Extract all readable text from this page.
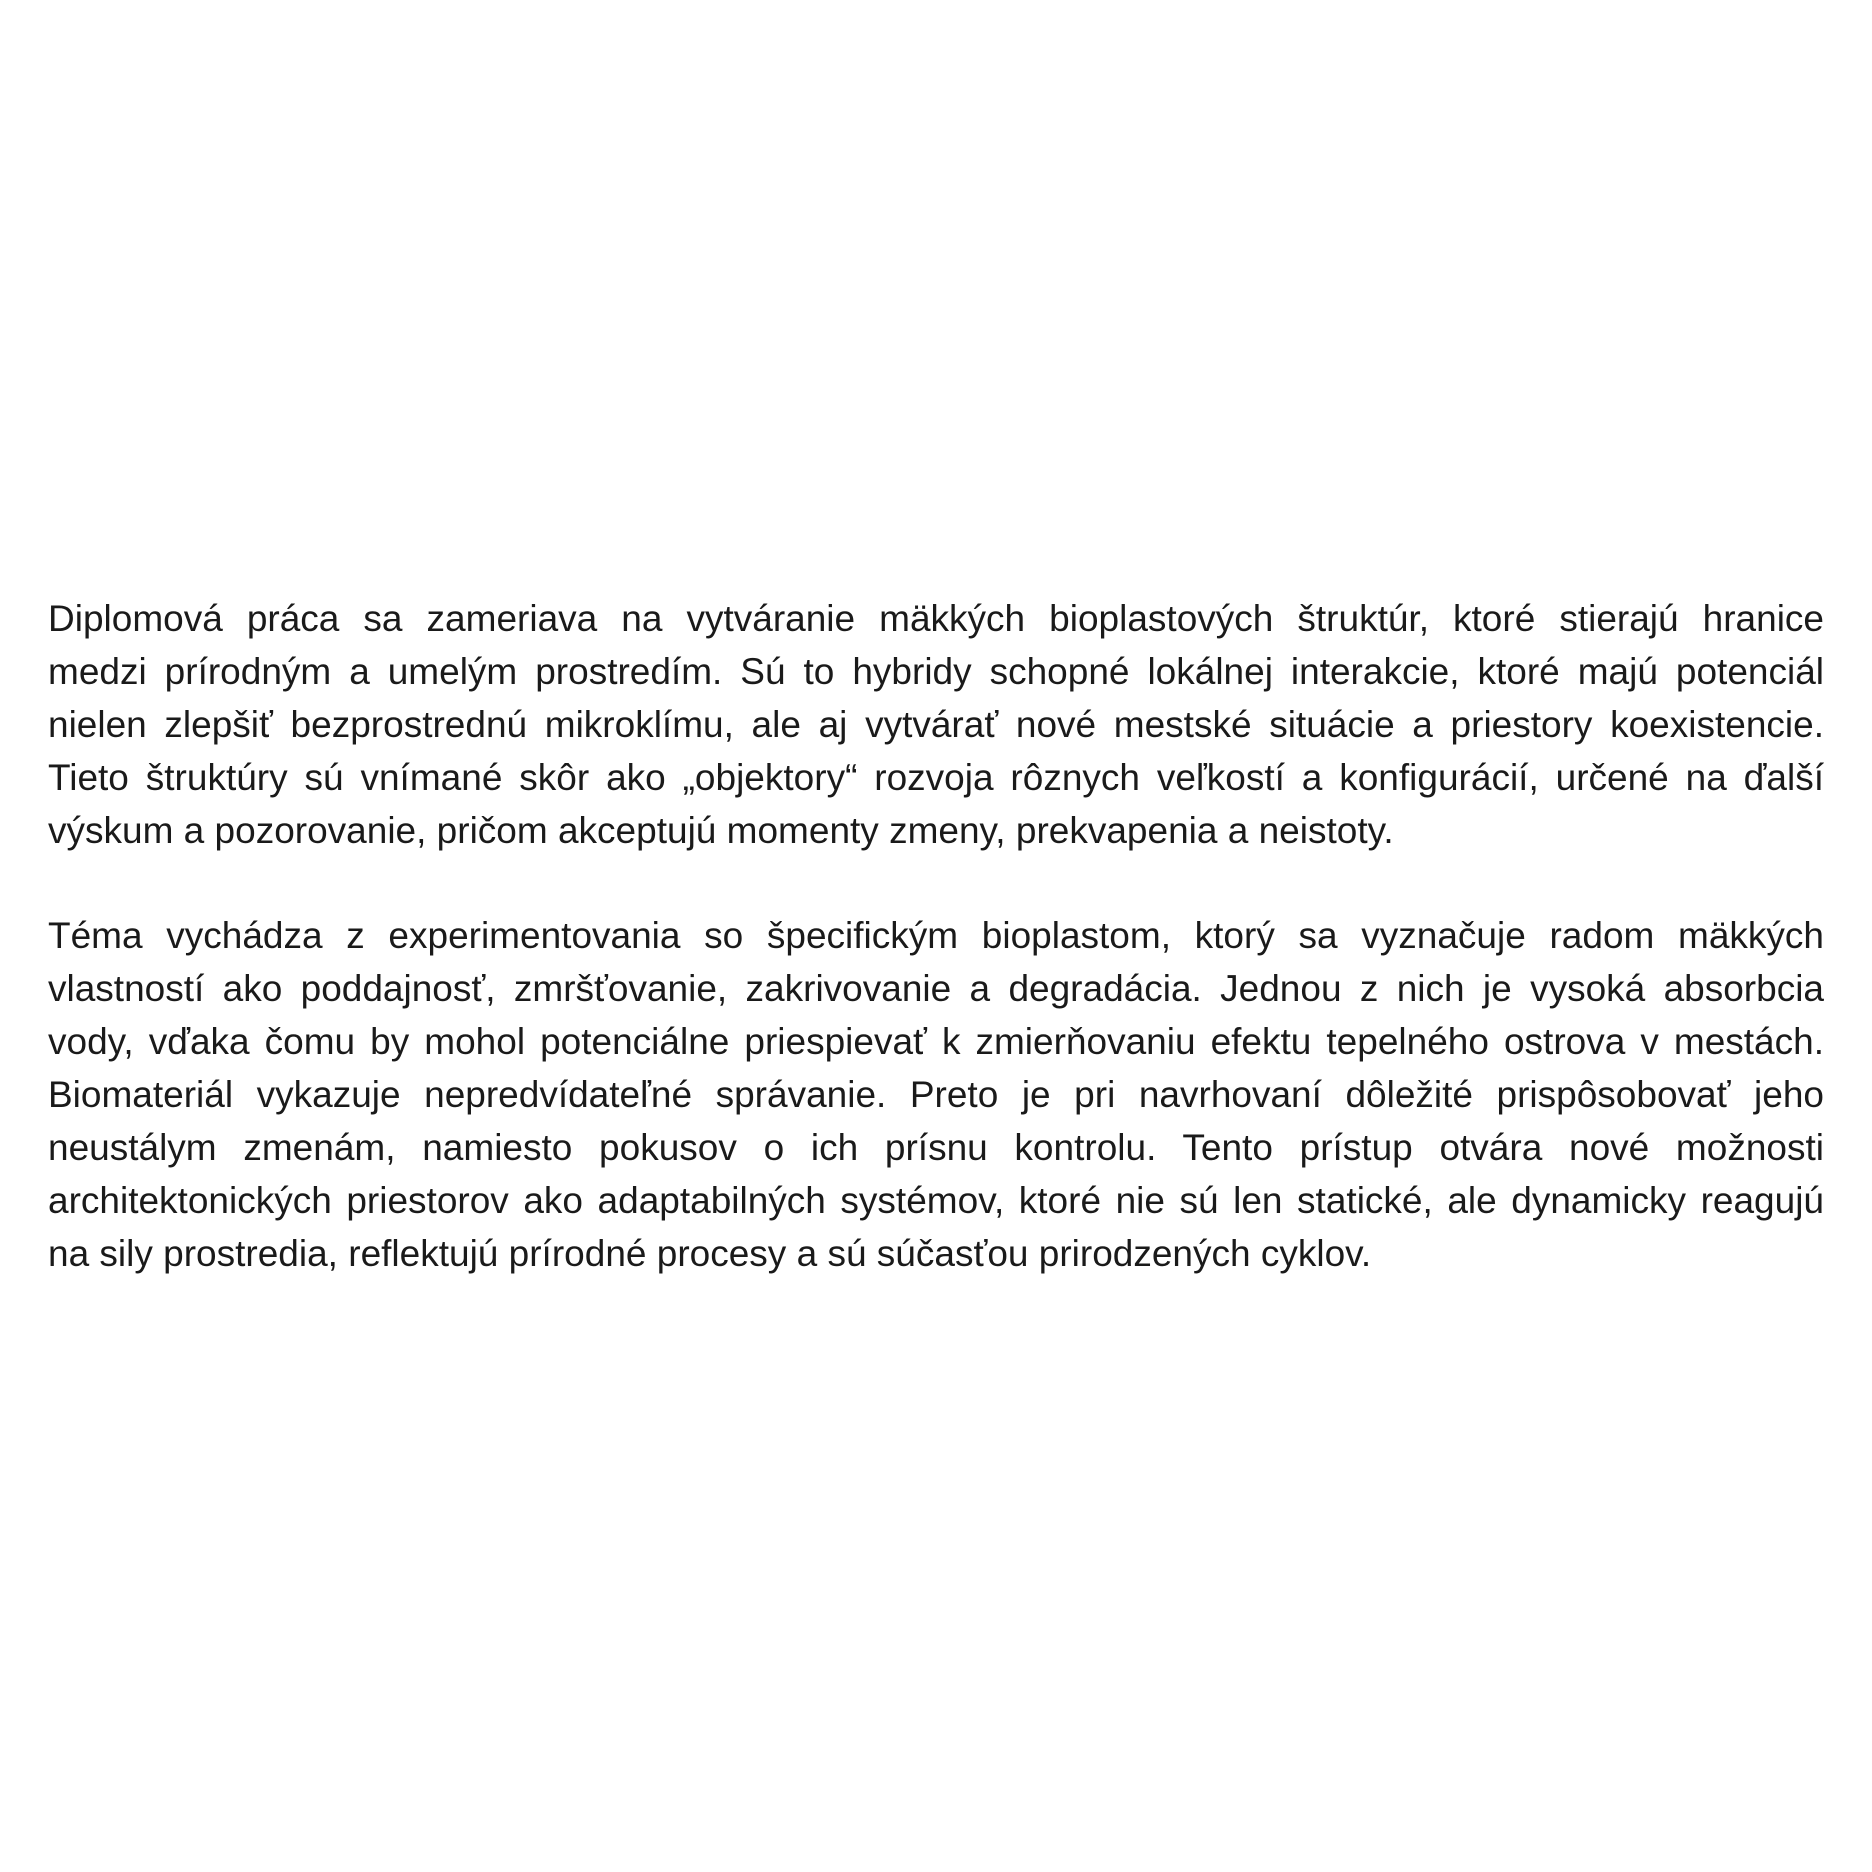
Diplomová práca sa zameriava na vytváranie mäkkých bioplastových štruktúr, ktoré stierajú hranice
medzi prírodným a umelým prostredím. Sú to hybridy schopné lokálnej interakcie, ktoré majú potenciál
nielen zlepšiť bezprostrednú mikroklímu, ale aj vytvárať nové mestské situácie a priestory koexistencie.
Tieto štruktúry sú vnímané skôr ako „objektory“ rozvoja rôznych veľkostí a konfigurácií, určené na ďalší
výskum a pozorovanie, pričom akceptujú momenty zmeny, prekvapenia a neistoty.
Téma vychádza z experimentovania so špecifickým bioplastom, ktorý sa vyznačuje radom mäkkých
vlastností ako poddajnosť, zmršťovanie, zakrivovanie a degradácia. Jednou z nich je vysoká absorbcia
vody, vďaka čomu by mohol potenciálne priespievať k zmierňovaniu efektu tepelného ostrova v mestách.
Biomateriál vykazuje nepredvídateľné správanie. Preto je pri navrhovaní dôležité prispôsobovať jeho
neustálym zmenám, namiesto pokusov o ich prísnu kontrolu. Tento prístup otvára nové možnosti
architektonických priestorov ako adaptabilných systémov, ktoré nie sú len statické, ale dynamicky reagujú
na sily prostredia, reflektujú prírodné procesy a sú súčasťou prirodzených cyklov.
